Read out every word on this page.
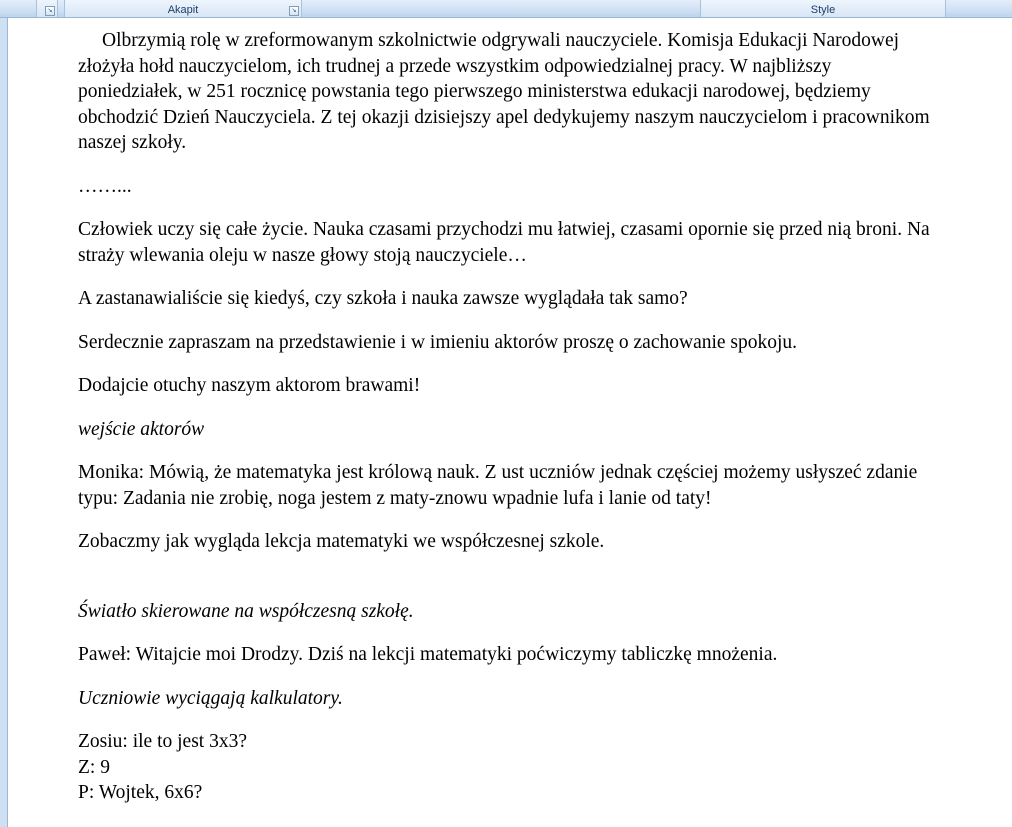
↘	↘
Akapit	Style

Olbrzymią rolę w zreformowanym szkolnictwie odgrywali nauczyciele. Komisja Edukacji Narodowej złożyła hołd nauczycielom, ich trudnej a przede wszystkim odpowiedzialnej pracy. W najbliższy poniedziałek, w 251 rocznicę powstania tego pierwszego ministerstwa edukacji narodowej, będziemy obchodzić Dzień Nauczyciela. Z tej okazji dzisiejszy apel dedykujemy naszym nauczycielom i pracownikom naszej szkoły.

……...

Człowiek uczy się całe życie. Nauka czasami przychodzi mu łatwiej, czasami opornie się przed nią broni. Na straży wlewania oleju w nasze głowy stoją nauczyciele…

A zastanawialiście się kiedyś, czy szkoła i nauka zawsze wyglądała tak samo?

Serdecznie zapraszam na przedstawienie i w imieniu aktorów proszę o zachowanie spokoju.

Dodajcie otuchy naszym aktorom brawami!

wejście aktorów

Monika: Mówią, że matematyka jest królową nauk. Z ust uczniów jednak częściej możemy usłyszeć zdanie typu: Zadania nie zrobię, noga jestem z maty-znowu wpadnie lufa i lanie od taty!

Zobaczmy jak wygląda lekcja matematyki we współczesnej szkole.

Światło skierowane na współczesną szkołę.

Paweł: Witajcie moi Drodzy. Dziś na lekcji matematyki poćwiczymy tabliczkę mnożenia.

Uczniowie wyciągają kalkulatory.

Zosiu: ile to jest 3x3?

Z: 9

P: Wojtek, 6x6?
